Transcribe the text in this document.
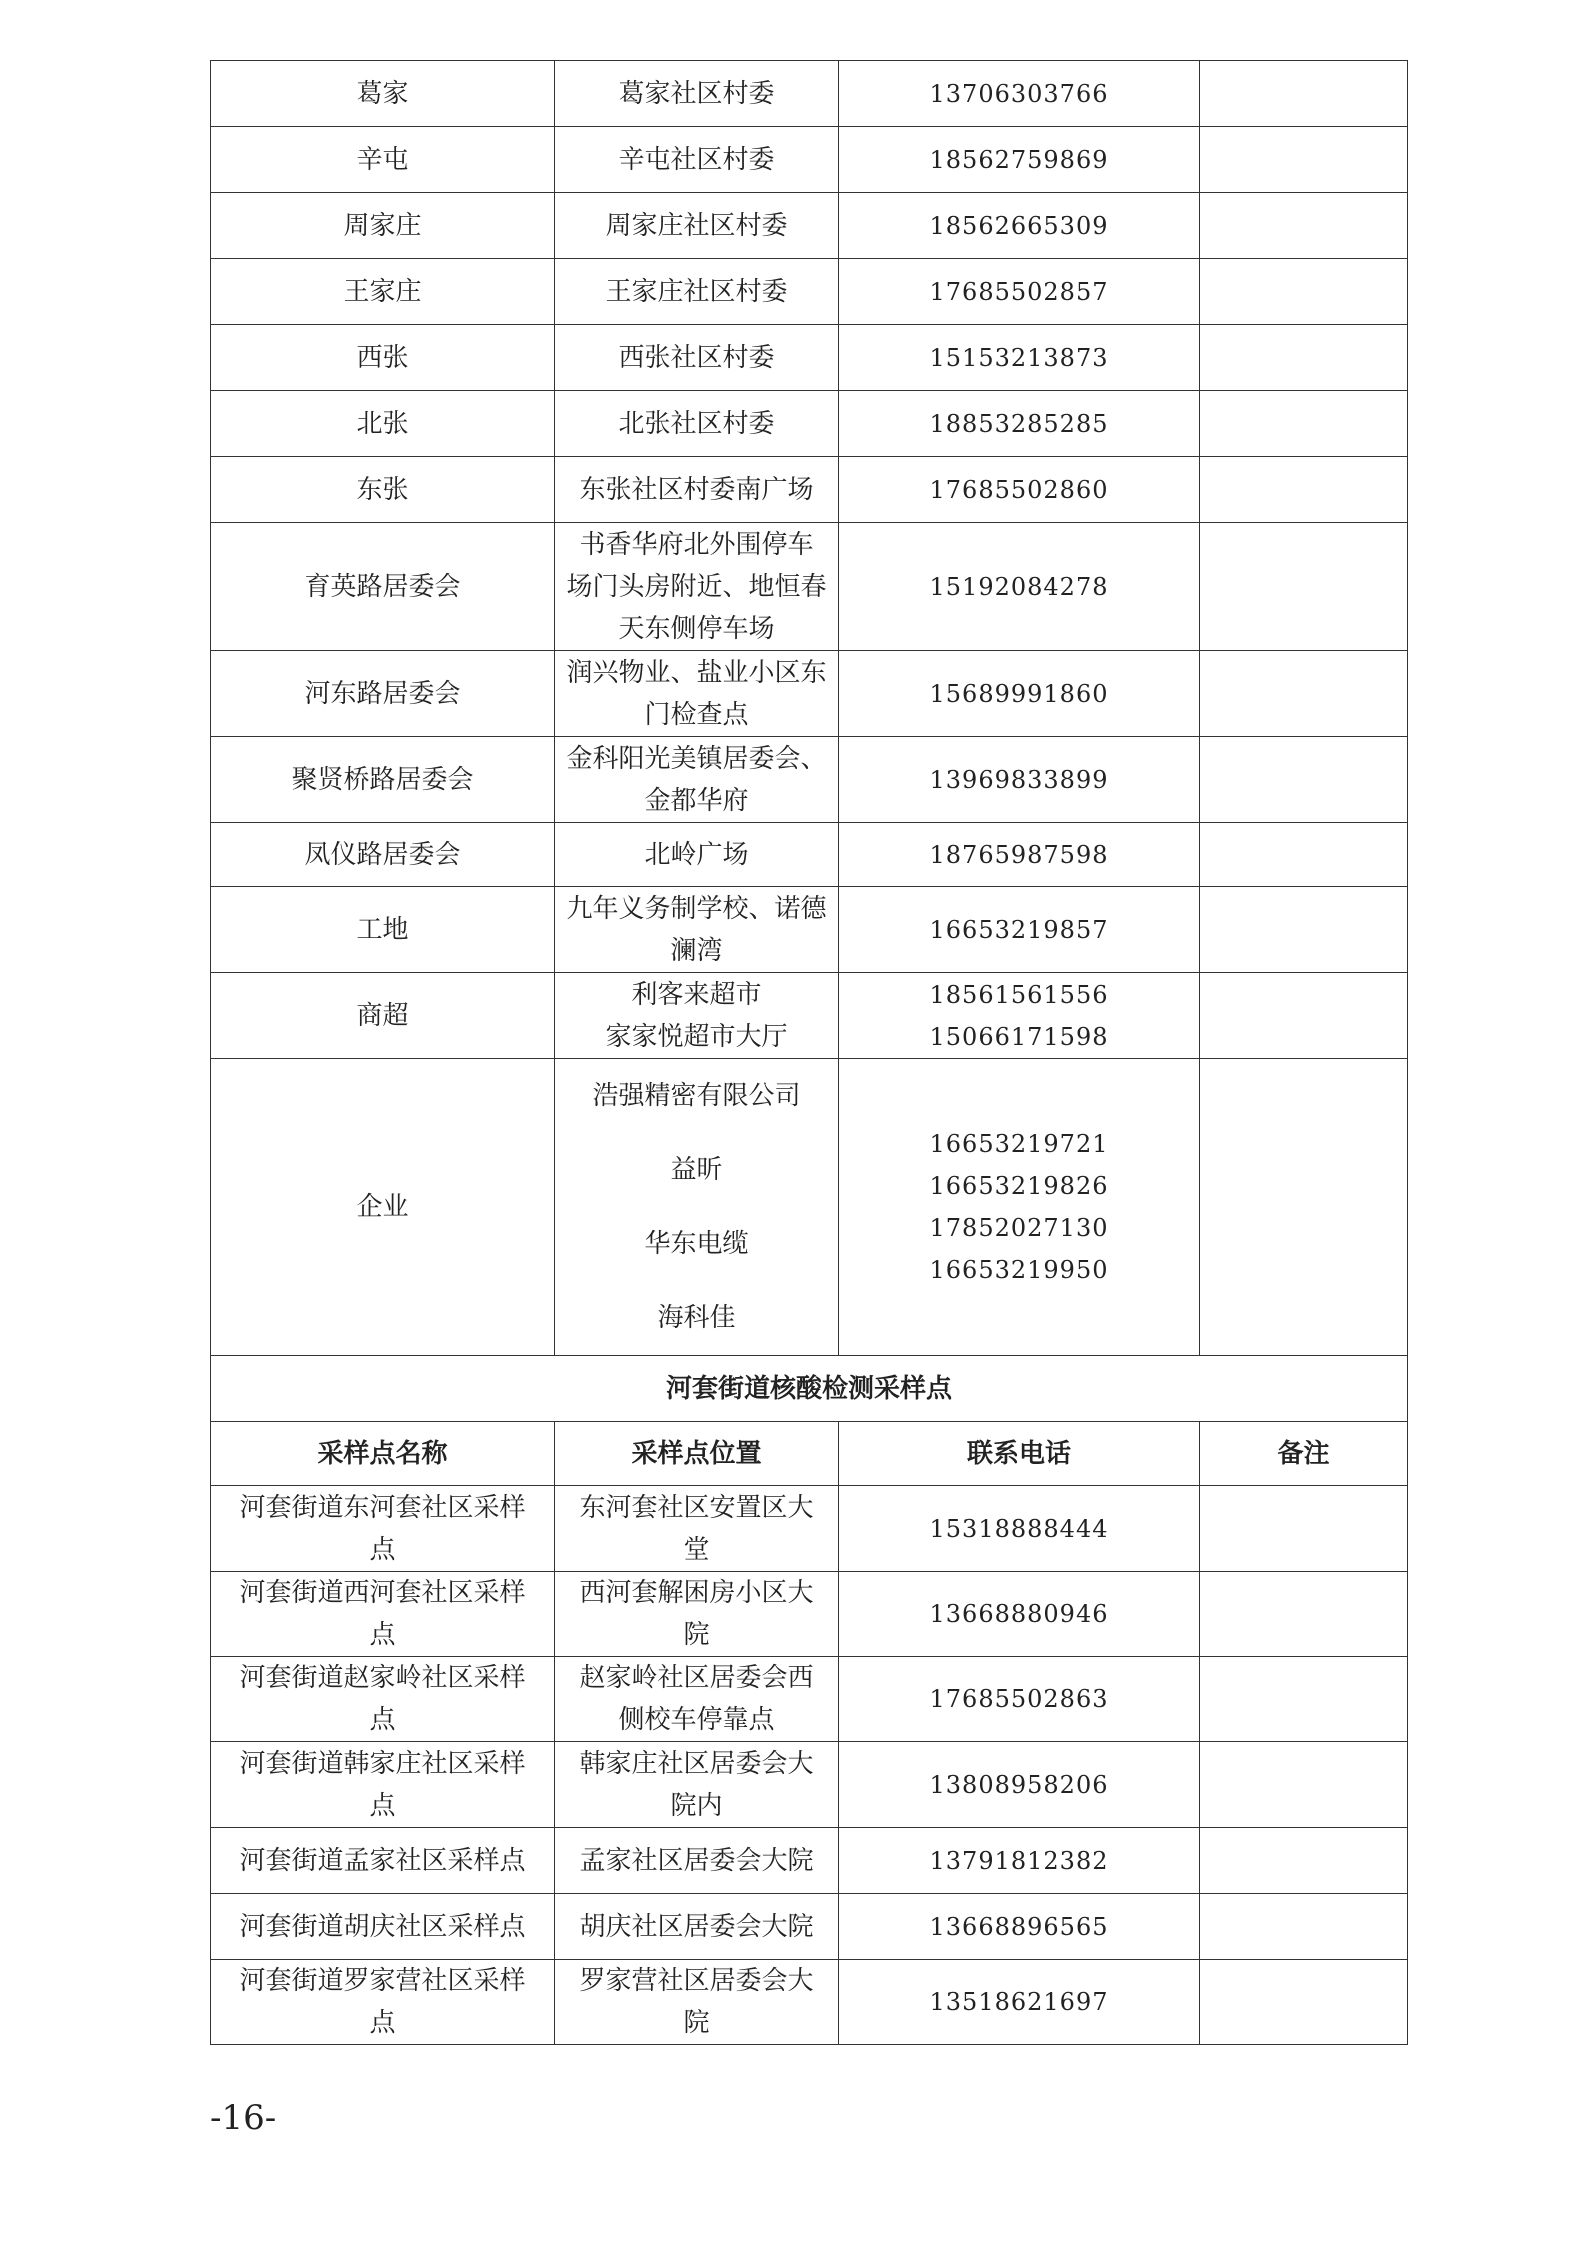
葛家	葛家社区村委	13706303766	

辛屯	辛屯社区村委	18562759869	

周家庄	周家庄社区村委	18562665309	

王家庄	王家庄社区村委	17685502857	

西张	西张社区村委	15153213873	

北张	北张社区村委	18853285285	

东张	东张社区村委南广场	17685502860	

育英路居委会	书香华府北外围停车
场门头房附近、地恒春
天东侧停车场	15192084278	

河东路居委会	润兴物业、盐业小区东
门检查点	15689991860	

聚贤桥路居委会	金科阳光美镇居委会、
金都华府	13969833899	

凤仪路居委会	北岭广场	18765987598	

工地	九年义务制学校、诺德
澜湾	16653219857	

商超	利客来超市
家家悦超市大厅	18561561556
15066171598	

企业	浩强精密有限公司
益昕
华东电缆
海科佳	16653219721
16653219826
17852027130
16653219950	

河套街道核酸检测采样点			
采样点名称	采样点位置	联系电话	备注

河套街道东河套社区采样
点	东河套社区安置区大
堂	15318888444	

河套街道西河套社区采样
点	西河套解困房小区大
院	13668880946	

河套街道赵家岭社区采样
点	赵家岭社区居委会西
侧校车停靠点	17685502863	

河套街道韩家庄社区采样
点	韩家庄社区居委会大
院内	13808958206	

河套街道孟家社区采样点	孟家社区居委会大院	13791812382	

河套街道胡庆社区采样点	胡庆社区居委会大院	13668896565	

河套街道罗家营社区采样
点	罗家营社区居委会大
院	13518621697	
-16-
